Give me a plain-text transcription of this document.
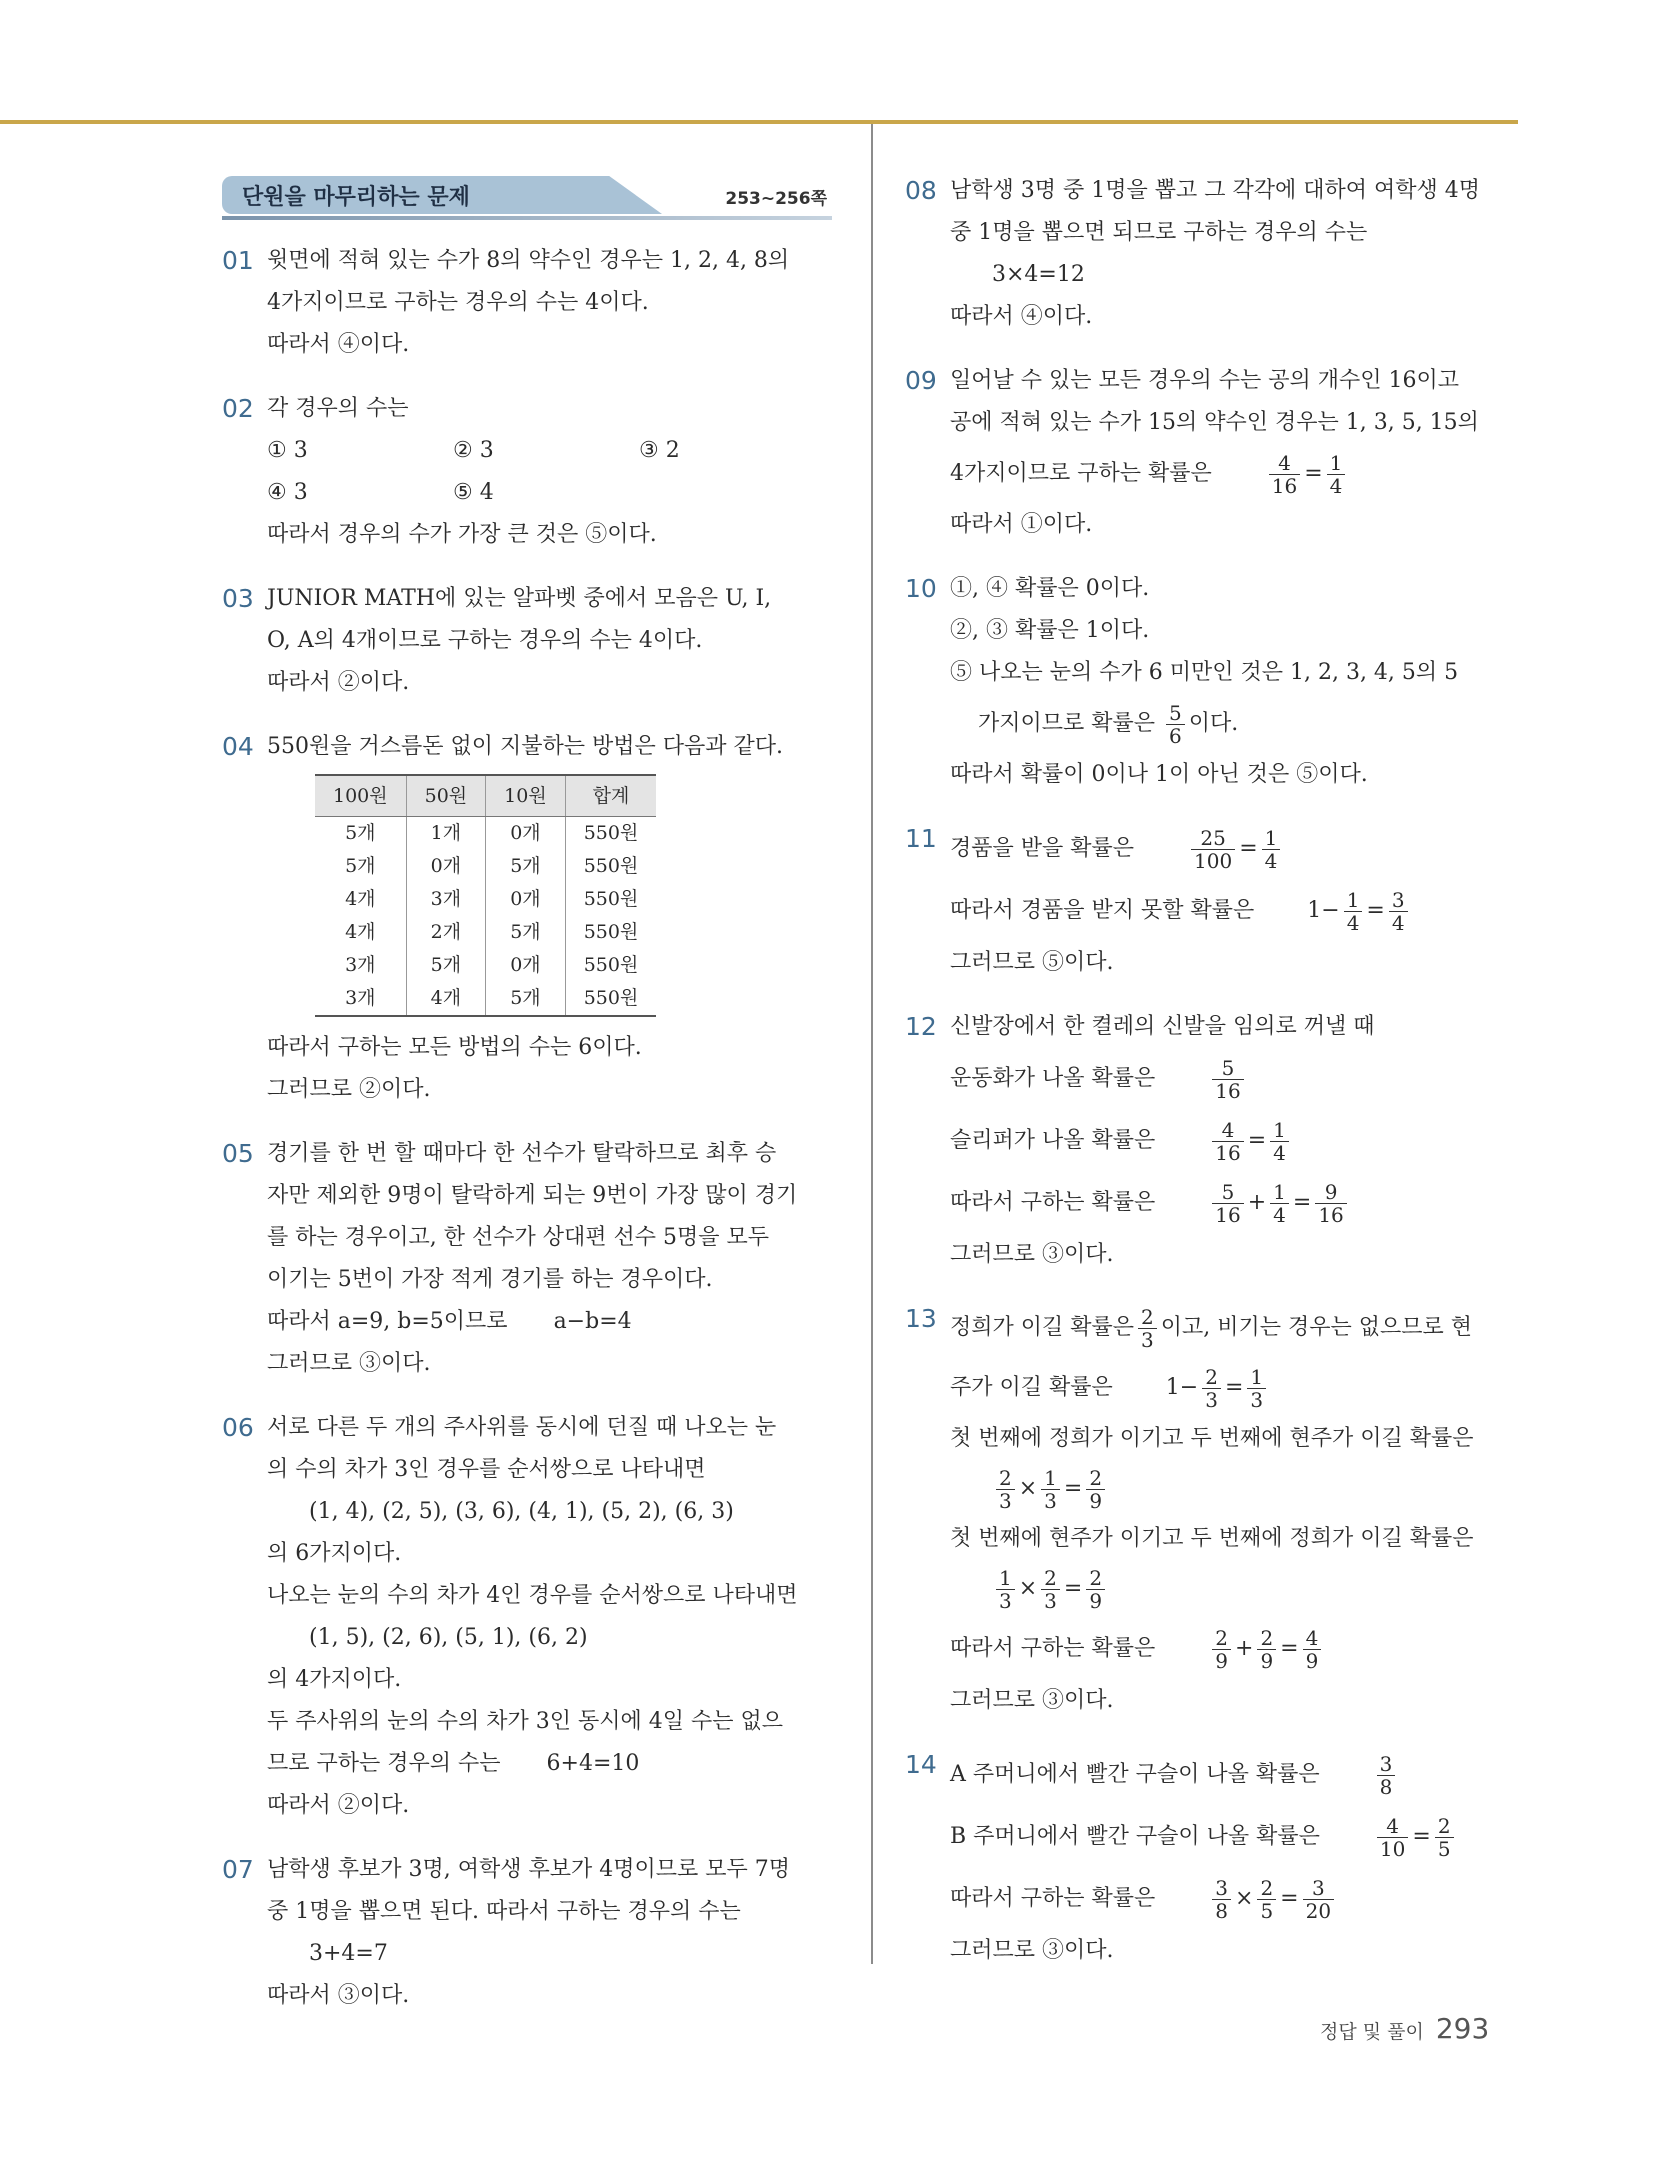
단원을 마무리하는 문제	253~256쪽
01 윗면에 적혀 있는 수가 8의 약수인 경우는 1, 2, 4, 8의
4가지이므로 구하는 경우의 수는 4이다.
따라서 ④이다.
02 각 경우의 수는
① 3	② 3	③ 2
④ 3	⑤ 4
따라서 경우의 수가 가장 큰 것은 ⑤이다.
03 JUNIOR MATH에 있는 알파벳 중에서 모음은 U, I,
O, A의 4개이므로 구하는 경우의 수는 4이다.
따라서 ②이다.
04 550원을 거스름돈 없이 지불하는 방법은 다음과 같다.
100원	50원	10원	합계
5개	1개	0개	550원
5개	0개	5개	550원
4개	3개	0개	550원
4개	2개	5개	550원
3개	5개	0개	550원
3개	4개	5개	550원
따라서 구하는 모든 방법의 수는 6이다.
그러므로 ②이다.
05 경기를 한 번 할 때마다 한 선수가 탈락하므로 최후 승
자만 제외한 9명이 탈락하게 되는 9번이 가장 많이 경기
를 하는 경우이고, 한 선수가 상대편 선수 5명을 모두
이기는 5번이 가장 적게 경기를 하는 경우이다.
따라서 a=9, b=5이므로 a−b=4
그러므로 ③이다.
06 서로 다른 두 개의 주사위를 동시에 던질 때 나오는 눈
의 수의 차가 3인 경우를 순서쌍으로 나타내면
(1, 4), (2, 5), (3, 6), (4, 1), (5, 2), (6, 3)
의 6가지이다.
나오는 눈의 수의 차가 4인 경우를 순서쌍으로 나타내면
(1, 5), (2, 6), (5, 1), (6, 2)
의 4가지이다.
두 주사위의 눈의 수의 차가 3인 동시에 4일 수는 없으
므로 구하는 경우의 수는 6+4=10
따라서 ②이다.
07 남학생 후보가 3명, 여학생 후보가 4명이므로 모두 7명
중 1명을 뽑으면 된다. 따라서 구하는 경우의 수는
3+4=7
따라서 ③이다.
08 남학생 3명 중 1명을 뽑고 그 각각에 대하여 여학생 4명
중 1명을 뽑으면 되므로 구하는 경우의 수는
3×4=12
따라서 ④이다.
09 일어날 수 있는 모든 경우의 수는 공의 개수인 16이고
공에 적혀 있는 수가 15의 약수인 경우는 1, 3, 5, 15의
4가지이므로 구하는 확률은	$\frac{4}{16} = \frac{1}{4}$
따라서 ①이다.
10 ①, ④ 확률은 0이다.
②, ③ 확률은 1이다.
⑤ 나오는 눈의 수가 6 미만인 것은 1, 2, 3, 4, 5의 5
가지이므로 확률은 $\frac{5}{6}$ 이다.
따라서 확률이 0이나 1이 아닌 것은 ⑤이다.
11 경품을 받을 확률은	$\frac{25}{100} = \frac{1}{4}$
따라서 경품을 받지 못할 확률은 $1- \frac{1}{4} = \frac{3}{4}$
그러므로 ⑤이다.
12 신발장에서 한 켤레의 신발을 임의로 꺼낼 때
운동화가 나올 확률은	$\frac{5}{16}$
슬리퍼가 나올 확률은	$\frac{4}{16} = \frac{1}{4}$
따라서 구하는 확률은	$\frac{5}{16} + \frac{1}{4} = \frac{9}{16}$
그러므로 ③이다.
13 정희가 이길 확률은 $\frac{2}{3}$ 이고, 비기는 경우는 없으므로 현
주가 이길 확률은 $1- \frac{2}{3} = \frac{1}{3}$
첫 번째에 정희가 이기고 두 번째에 현주가 이길 확률은
$\frac{2}{3} \times \frac{1}{3} = \frac{2}{9}$
첫 번째에 현주가 이기고 두 번째에 정희가 이길 확률은
$\frac{1}{3} \times \frac{2}{3} = \frac{2}{9}$
따라서 구하는 확률은	$\frac{2}{9} + \frac{2}{9} = \frac{4}{9}$
그러므로 ③이다.
14 A 주머니에서 빨간 구슬이 나올 확률은	$\frac{3}{8}$
B 주머니에서 빨간 구슬이 나올 확률은	$\frac{4}{10} = \frac{2}{5}$
따라서 구하는 확률은	$\frac{3}{8} \times \frac{2}{5} = \frac{3}{20}$
그러므로 ③이다.
정답 및 풀이 293
